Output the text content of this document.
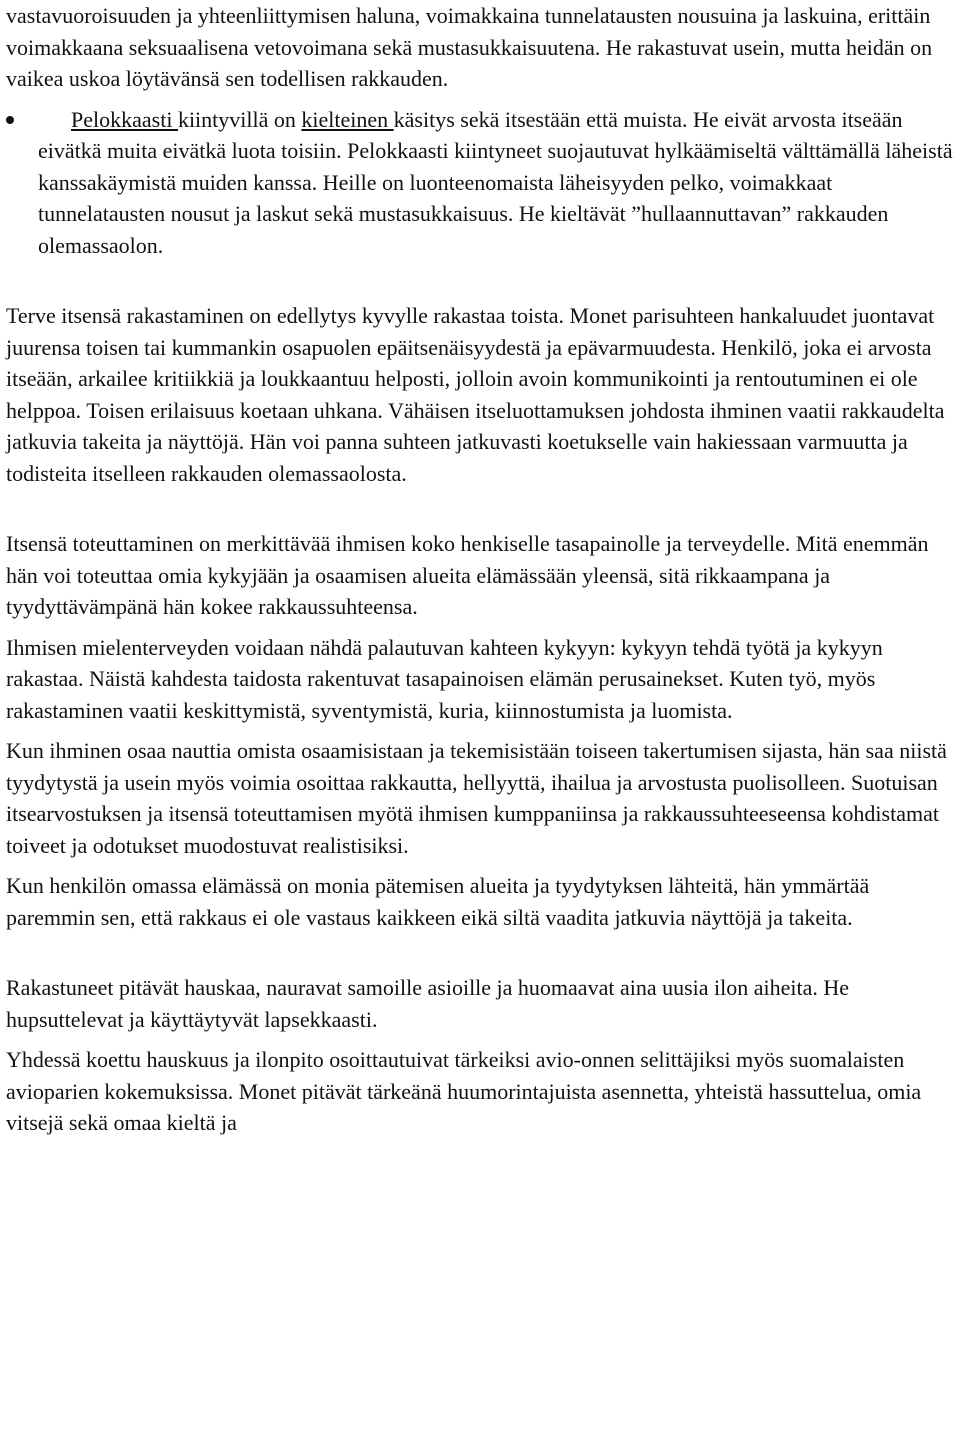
vastavuoroisuuden ja yhteenliittymisen haluna, voimakkaina tunnelatausten nousuina ja laskuina, erittäin voimakkaana seksuaalisena vetovoimana sekä mustasukkaisuutena. He rakastuvat usein, mutta heidän on vaikea uskoa löytävänsä sen todellisen rakkauden.

Pelokkaasti kiintyvillä on kielteinen käsitys sekä itsestään että muista. He eivät arvosta itseään eivätkä muita eivätkä luota toisiin. Pelokkaasti kiintyneet suojautuvat hylkäämiseltä välttämällä läheistä kanssakäymistä muiden kanssa. Heille on luonteenomaista läheisyyden pelko, voimakkaat tunnelatausten nousut ja laskut sekä mustasukkaisuus. He kieltävät ”hullaannuttavan” rakkauden olemassaolon.

Terve itsensä rakastaminen on edellytys kyvylle rakastaa toista. Monet parisuhteen hankaluudet juontavat juurensa toisen tai kummankin osapuolen epäitsenäisyydestä ja epävarmuudesta. Henkilö, joka ei arvosta itseään, arkailee kritiikkiä ja loukkaantuu helposti, jolloin avoin kommunikointi ja rentoutuminen ei ole helppoa. Toisen erilaisuus koetaan uhkana. Vähäisen itseluottamuksen johdosta ihminen vaatii rakkaudelta jatkuvia takeita ja näyttöjä. Hän voi panna suhteen jatkuvasti koetukselle vain hakiessaan varmuutta ja todisteita itselleen rakkauden olemassaolosta.

Itsensä toteuttaminen on merkittävää ihmisen koko henkiselle tasapainolle ja terveydelle. Mitä enemmän hän voi toteuttaa omia kykyjään ja osaamisen alueita elämässään yleensä, sitä rikkaampana ja tyydyttävämpänä hän kokee rakkaussuhteensa.

Ihmisen mielenterveyden voidaan nähdä palautuvan kahteen kykyyn: kykyyn tehdä työtä ja kykyyn rakastaa. Näistä kahdesta taidosta rakentuvat tasapainoisen elämän perusainekset. Kuten työ, myös rakastaminen vaatii keskittymistä, syventymistä, kuria, kiinnostumista ja luomista.

Kun ihminen osaa nauttia omista osaamisistaan ja tekemisistään toiseen takertumisen sijasta, hän saa niistä tyydytystä ja usein myös voimia osoittaa rakkautta, hellyyttä, ihailua ja arvostusta puolisolleen. Suotuisan itsearvostuksen ja itsensä toteuttamisen myötä ihmisen kumppaniinsa ja rakkaussuhteeseensa kohdistamat toiveet ja odotukset muodostuvat realistisiksi.

Kun henkilön omassa elämässä on monia pätemisen alueita ja tyydytyksen lähteitä, hän ymmärtää paremmin sen, että rakkaus ei ole vastaus kaikkeen eikä siltä vaadita jatkuvia näyttöjä ja takeita.

Rakastuneet pitävät hauskaa, nauravat samoille asioille ja huomaavat aina uusia ilon aiheita. He hupsuttelevat ja käyttäytyvät lapsekkaasti.

Yhdessä koettu hauskuus ja ilonpito osoittautuivat tärkeiksi avio-onnen selittäjiksi myös suomalaisten avioparien kokemuksissa. Monet pitävät tärkeänä huumorintajuista asennetta, yhteistä hassuttelua, omia vitsejä sekä omaa kieltä ja
